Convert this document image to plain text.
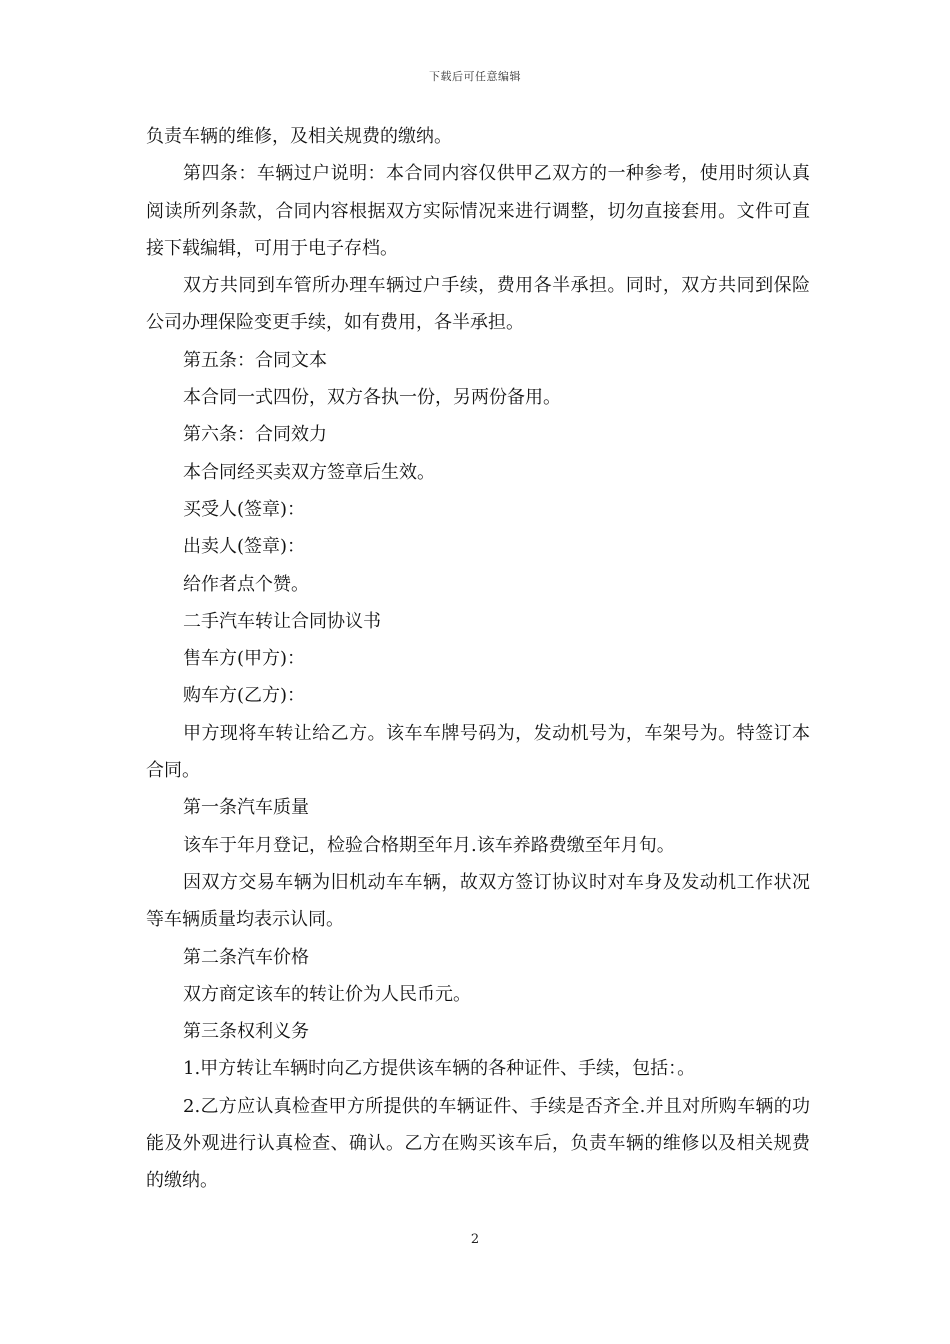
下载后可任意编辑

负责车辆的维修，及相关规费的缴纳。

第四条：车辆过户说明：本合同内容仅供甲乙双方的一种参考，使用时须认真阅读所列条款，合同内容根据双方实际情况来进行调整，切勿直接套用。文件可直接下载编辑，可用于电子存档。

双方共同到车管所办理车辆过户手续，费用各半承担。同时，双方共同到保险公司办理保险变更手续，如有费用，各半承担。

第五条：合同文本

本合同一式四份，双方各执一份，另两份备用。

第六条：合同效力

本合同经买卖双方签章后生效。

买受人(签章)：

出卖人(签章)：

给作者点个赞。

二手汽车转让合同协议书

售车方(甲方)：

购车方(乙方)：

甲方现将车转让给乙方。该车车牌号码为，发动机号为，车架号为。特签订本合同。

第一条汽车质量

该车于年月登记，检验合格期至年月.该车养路费缴至年月旬。

因双方交易车辆为旧机动车车辆，故双方签订协议时对车身及发动机工作状况等车辆质量均表示认同。

第二条汽车价格

双方商定该车的转让价为人民币元。

第三条权利义务

1.甲方转让车辆时向乙方提供该车辆的各种证件、手续，包括：。

2.乙方应认真检查甲方所提供的车辆证件、手续是否齐全.并且对所购车辆的功能及外观进行认真检查、确认。乙方在购买该车后，负责车辆的维修以及相关规费的缴纳。

2
